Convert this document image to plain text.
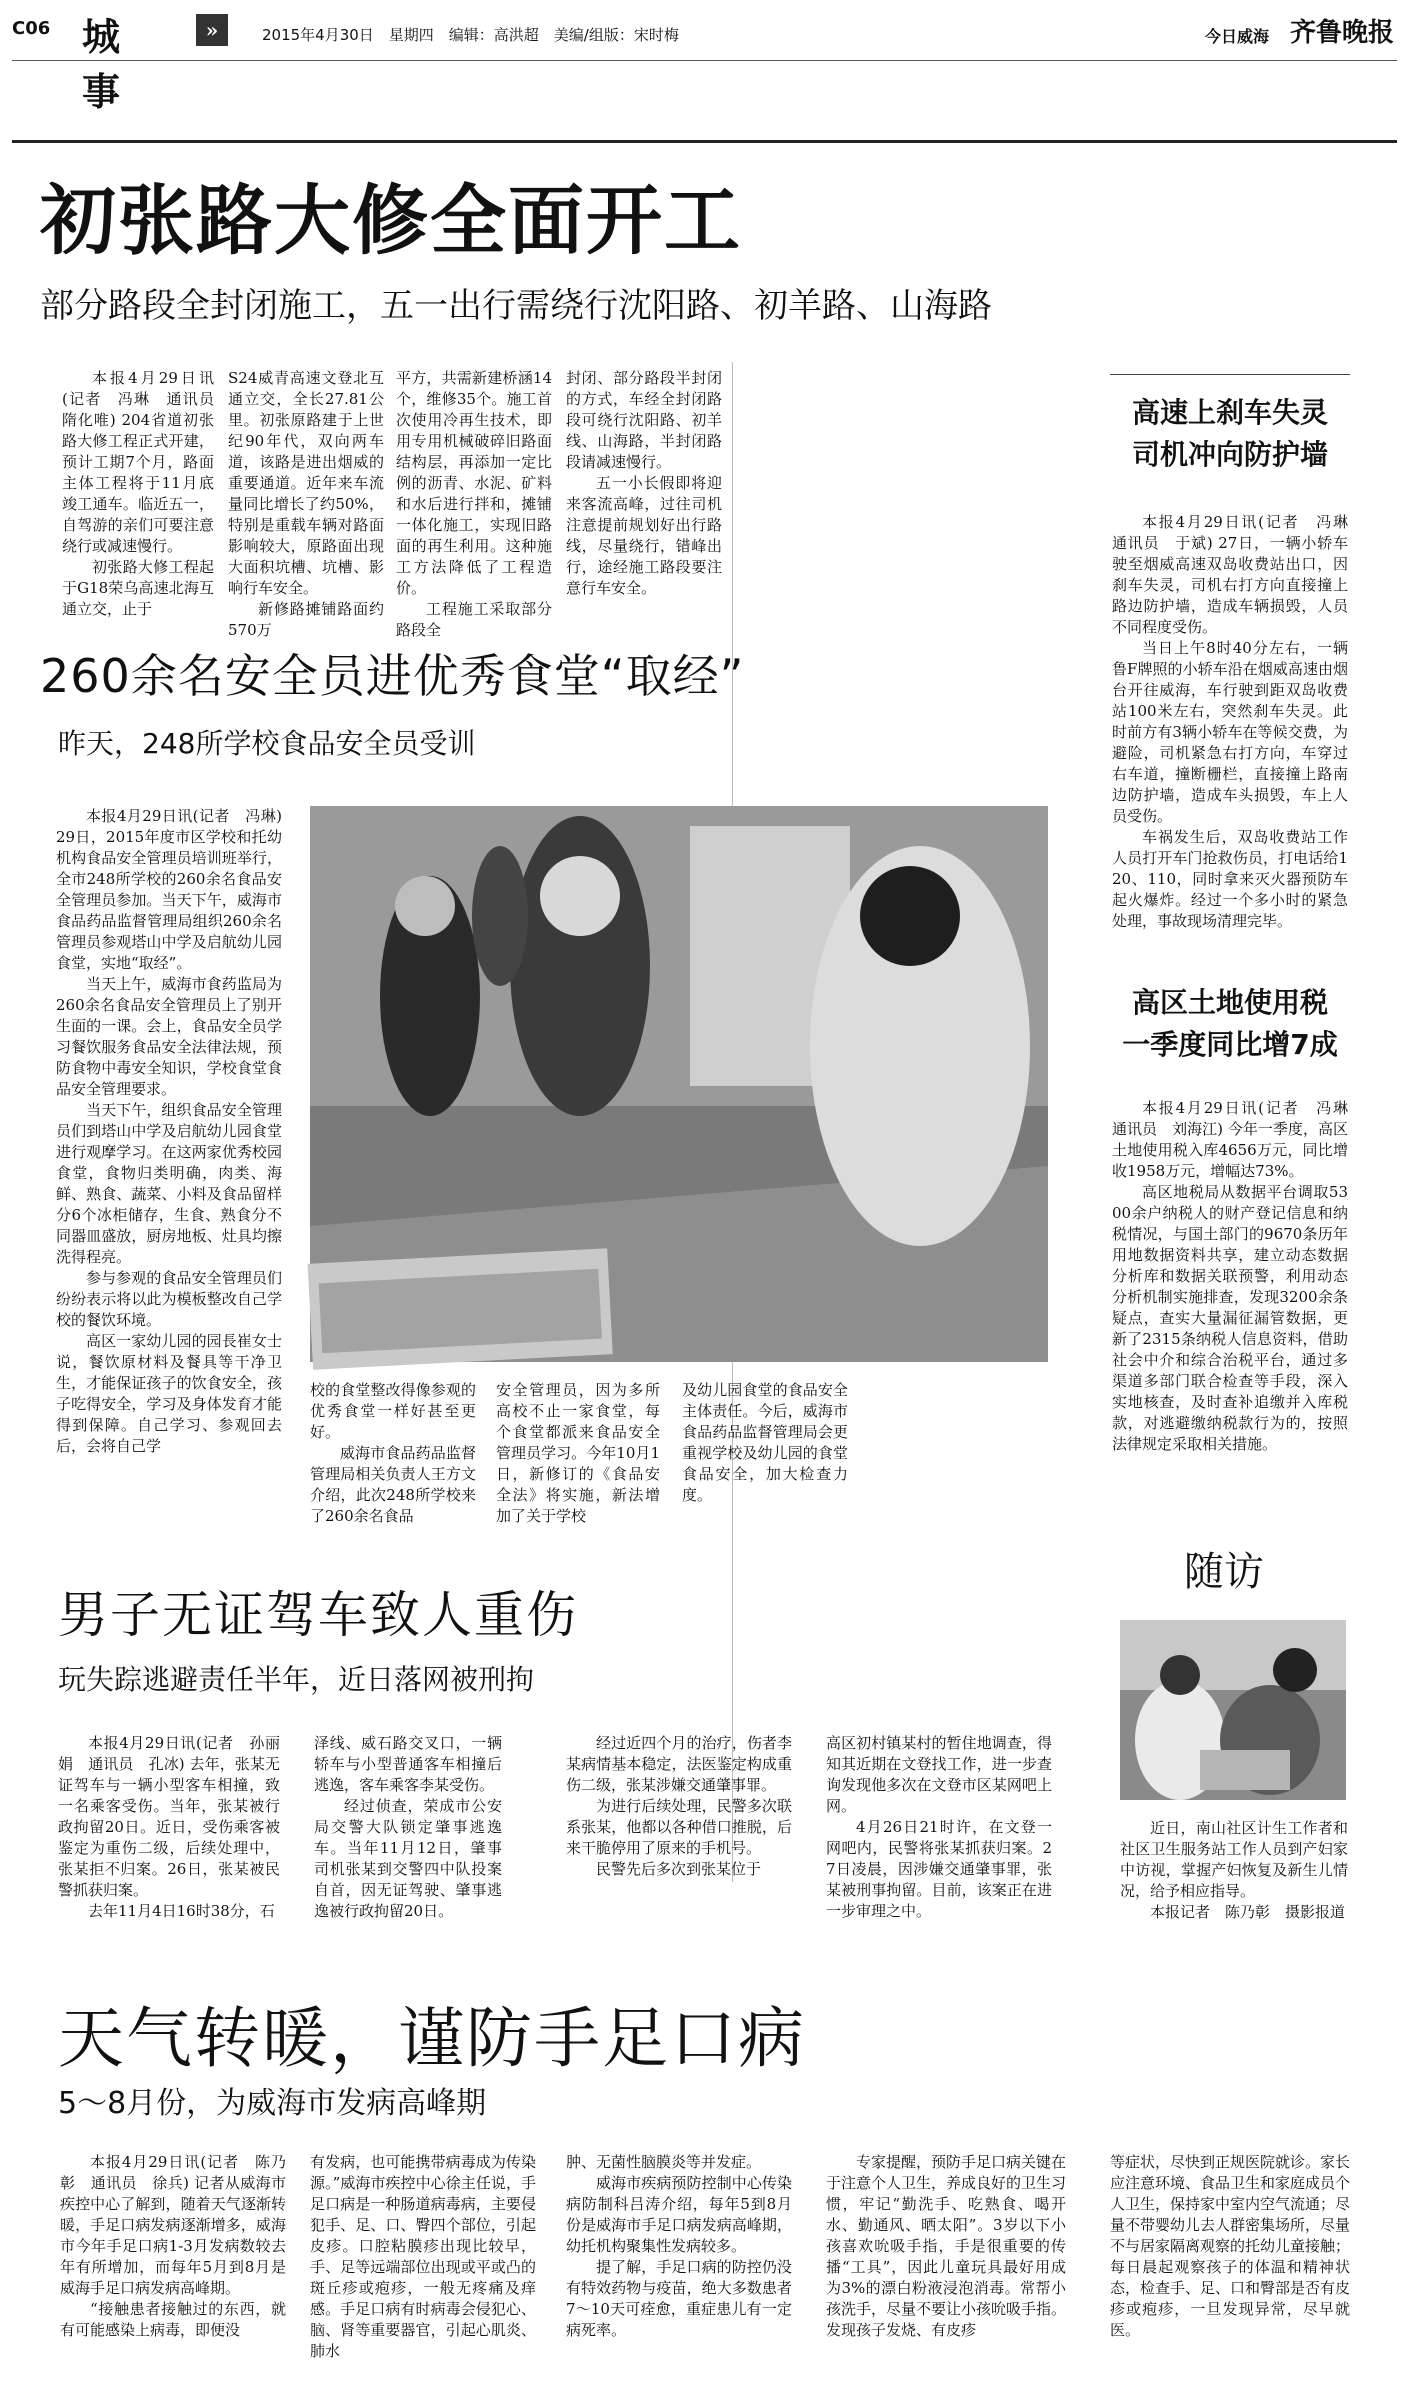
C06 城事
»	2015年4月30日　星期四　编辑：高洪超　美编/组版：宋时梅	今日威海 齐鲁晚报
初张路大修全面开工
部分路段全封闭施工，五一出行需绕行沈阳路、初羊路、山海路

本报4月29日讯(记者　冯琳　通讯员　隋化唯) 204省道初张路大修工程正式开建，预计工期7个月，路面主体工程将于11月底竣工通车。临近五一，自驾游的亲们可要注意绕行或减速慢行。

初张路大修工程起于G18荣乌高速北海互通立交，止于

S24威青高速文登北互通立交，全长27.81公里。初张原路建于上世纪90年代，双向两车道，该路是进出烟威的重要通道。近年来车流量同比增长了约50%，特别是重载车辆对路面影响较大，原路面出现大面积坑槽、坑槽、影响行车安全。

新修路摊铺路面约570万

平方，共需新建桥涵14个，维修35个。施工首次使用冷再生技术，即用专用机械破碎旧路面结构层，再添加一定比例的沥青、水泥、矿料和水后进行拌和，摊铺一体化施工，实现旧路面的再生利用。这种施工方法降低了工程造价。

工程施工采取部分路段全

封闭、部分路段半封闭的方式，车经全封闭路段可绕行沈阳路、初羊线、山海路，半封闭路段请减速慢行。

五一小长假即将迎来客流高峰，过往司机注意提前规划好出行路线，尽量绕行，错峰出行，途经施工路段要注意行车安全。

高速上刹车失灵
司机冲向防护墙

本报4月29日讯(记者　冯琳　通讯员　于斌) 27日，一辆小轿车驶至烟威高速双岛收费站出口，因刹车失灵，司机右打方向直接撞上路边防护墙，造成车辆损毁，人员不同程度受伤。

当日上午8时40分左右，一辆鲁F牌照的小轿车沿在烟威高速由烟台开往威海，车行驶到距双岛收费站100米左右，突然刹车失灵。此时前方有3辆小轿车在等候交费，为避险，司机紧急右打方向，车穿过右车道，撞断栅栏，直接撞上路南边防护墙，造成车头损毁，车上人员受伤。

车祸发生后，双岛收费站工作人员打开车门抢救伤员，打电话给120、110，同时拿来灭火器预防车起火爆炸。经过一个多小时的紧急处理，事故现场清理完毕。

高区土地使用税
一季度同比增7成

本报4月29日讯(记者　冯琳　通讯员　刘海江) 今年一季度，高区土地使用税入库4656万元，同比增收1958万元，增幅达73%。

高区地税局从数据平台调取5300余户纳税人的财产登记信息和纳税情况，与国土部门的9670条历年用地数据资料共享，建立动态数据分析库和数据关联预警，利用动态分析机制实施排查，发现3200余条疑点，查实大量漏征漏管数据，更新了2315条纳税人信息资料，借助社会中介和综合治税平台，通过多渠道多部门联合检查等手段，深入实地核查，及时查补追缴并入库税款，对逃避缴纳税款行为的，按照法律规定采取相关措施。

260余名安全员进优秀食堂“取经”
昨天，248所学校食品安全员受训

本报4月29日讯(记者　冯琳) 29日，2015年度市区学校和托幼机构食品安全管理员培训班举行，全市248所学校的260余名食品安全管理员参加。当天下午，威海市食品药品监督管理局组织260余名管理员参观塔山中学及启航幼儿园食堂，实地“取经”。

当天上午，威海市食药监局为260余名食品安全管理员上了别开生面的一课。会上，食品安全员学习餐饮服务食品安全法律法规，预防食物中毒安全知识，学校食堂食品安全管理要求。

当天下午，组织食品安全管理员们到塔山中学及启航幼儿园食堂进行观摩学习。在这两家优秀校园食堂，食物归类明确，肉类、海鲜、熟食、蔬菜、小料及食品留样分6个冰柜储存，生食、熟食分不同器皿盛放，厨房地板、灶具均擦洗得程亮。

参与参观的食品安全管理员们纷纷表示将以此为模板整改自己学校的餐饮环境。

高区一家幼儿园的园長崔女士说，餐饮原材料及餐具等干净卫生，才能保证孩子的饮食安全，孩子吃得安全，学习及身体发育才能得到保障。自己学习、参观回去后，会将自己学

校的食堂整改得像参观的优秀食堂一样好甚至更好。

威海市食品药品监督管理局相关负责人王方文介绍，此次248所学校来了260余名食品

安全管理员，因为多所高校不止一家食堂，每个食堂都派来食品安全管理员学习。今年10月1日，新修订的《食品安全法》将实施，新法增加了关于学校

及幼儿园食堂的食品安全主体责任。今后，威海市食品药品监督管理局会更重视学校及幼儿园的食堂食品安全，加大检查力度。

随访

近日，南山社区计生工作者和社区卫生服务站工作人员到产妇家中访视，掌握产妇恢复及新生儿情况，给予相应指导。

本报记者　陈乃彰　摄影报道

男子无证驾车致人重伤
玩失踪逃避责任半年，近日落网被刑拘

本报4月29日讯(记者　孙丽娟　通讯员　孔冰) 去年，张某无证驾车与一辆小型客车相撞，致一名乘客受伤。当年，张某被行政拘留20日。近日，受伤乘客被鉴定为重伤二级，后续处理中，张某拒不归案。26日，张某被民警抓获归案。

去年11月4日16时38分，石

泽线、威石路交叉口，一辆轿车与小型普通客车相撞后逃逸，客车乘客李某受伤。

经过侦查，荣成市公安局交警大队锁定肇事逃逸车。当年11月12日，肇事司机张某到交警四中队投案自首，因无证驾驶、肇事逃逸被行政拘留20日。

经过近四个月的治疗，伤者李某病情基本稳定，法医鉴定构成重伤二级，张某涉嫌交通肇事罪。

为进行后续处理，民警多次联系张某，他都以各种借口推脱，后来干脆停用了原来的手机号。

民警先后多次到张某位于

高区初村镇某村的暂住地调查，得知其近期在文登找工作，进一步查询发现他多次在文登市区某网吧上网。

4月26日21时许，在文登一网吧内，民警将张某抓获归案。27日凌晨，因涉嫌交通肇事罪，张某被刑事拘留。目前，该案正在进一步审理之中。

天气转暖，谨防手足口病
5～8月份，为威海市发病高峰期

本报4月29日讯(记者　陈乃彰　通讯员　徐兵) 记者从威海市疾控中心了解到，随着天气逐渐转暖，手足口病发病逐渐增多，威海市今年手足口病1-3月发病数较去年有所增加，而每年5月到8月是威海手足口病发病高峰期。

“接触患者接触过的东西，就有可能感染上病毒，即便没

有发病，也可能携带病毒成为传染源。”威海市疾控中心徐主任说，手足口病是一种肠道病毒病，主要侵犯手、足、口、臀四个部位，引起皮疹。口腔粘膜疹出现比较早，手、足等远端部位出现或平或凸的斑丘疹或疱疹，一般无疼痛及痒感。手足口病有时病毒会侵犯心、脑、肾等重要器官，引起心肌炎、肺水

肿、无菌性脑膜炎等并发症。

威海市疾病预防控制中心传染病防制科吕涛介绍，每年5到8月份是威海市手足口病发病高峰期，幼托机构聚集性发病较多。

提了解，手足口病的防控仍没有特效药物与疫苗，绝大多数患者7～10天可痊愈，重症患儿有一定病死率。

专家提醒，预防手足口病关键在于注意个人卫生，养成良好的卫生习惯，牢记“勤洗手、吃熟食、喝开水、勤通风、晒太阳”。3岁以下小孩喜欢吮吸手指，手是很重要的传播“工具”，因此儿童玩具最好用成为3%的漂白粉液浸泡消毒。常帮小孩洗手，尽量不要让小孩吮吸手指。发现孩子发烧、有皮疹

等症状，尽快到正规医院就诊。家长应注意环境、食品卫生和家庭成员个人卫生，保持家中室内空气流通；尽量不带婴幼儿去人群密集场所，尽量不与居家隔离观察的托幼儿童接触；每日晨起观察孩子的体温和精神状态，检查手、足、口和臀部是否有皮疹或疱疹，一旦发现异常，尽早就医。
